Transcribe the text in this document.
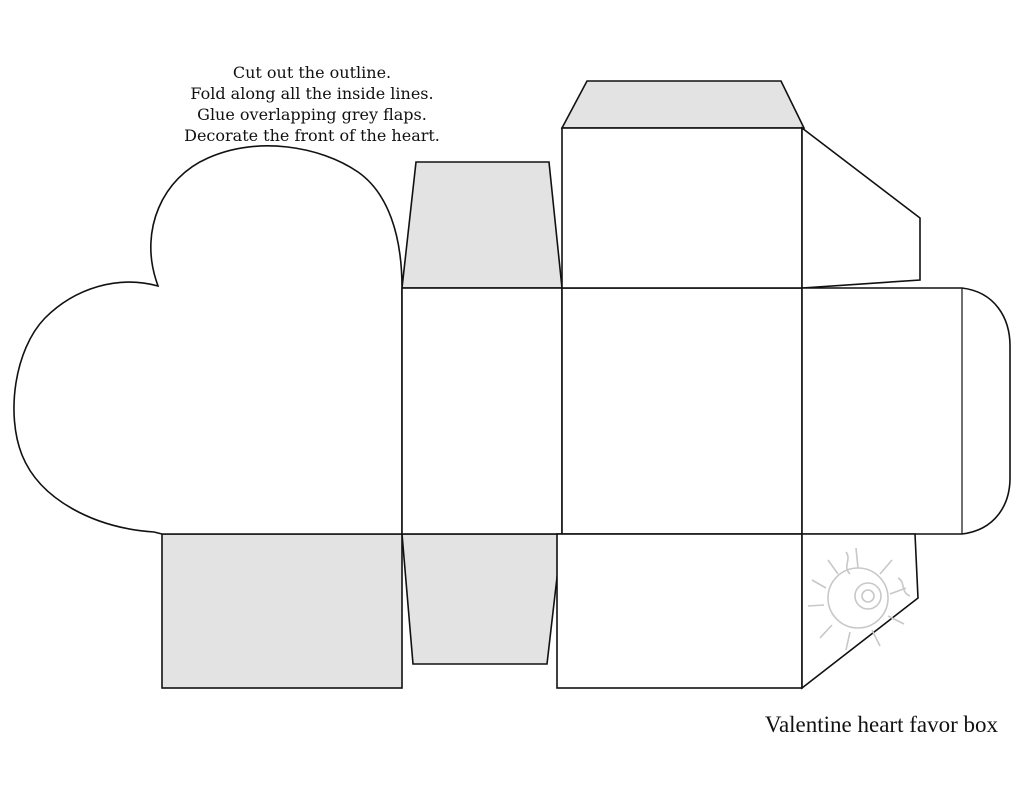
Cut out the outline.
Fold along all the inside lines.
Glue overlapping grey flaps.
Decorate the front of the heart.
Valentine heart favor box
